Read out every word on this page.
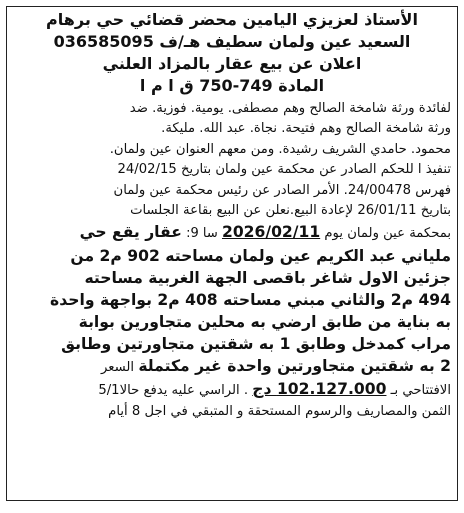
الأستاذ لعزيزي اليامين محضر قضائي حي برهام
السعيد عين ولمان سطيف هـ/ف 036585095
اعلان عن بيع عقار بالمزاد العلني
المادة 749-750 ق ا م ا
لفائدة ورثة شامخة الصالح وهم مصطفى. يومية. فوزية. ضد
ورثة شامخة الصالح وهم فتيحة. نجاة. عبد الله. مليكة.
محمود. حامدي الشريف رشيدة. ومن معهم العنوان عين ولمان.
تنفيذ ا للحكم الصادر عن محكمة عين ولمان بتاريخ 24/02/15
فهرس 24/00478. الأمر الصادر عن رئيس محكمة عين ولمان
بتاريخ 26/01/11 لإعادة البيع.نعلن عن البيع بقاعة الجلسات
بمحكمة عين ولمان يوم 2026/02/11 سا 9: عقار يقع حي
ملياني عبد الكريم عين ولمان مساحته 902 م2 من
جزئين الاول شاغر باقصى الجهة الغربية مساحته
494 م2 والثاني مبني مساحته 408 م2 بواجهة واحدة
به بناية من طابق ارضي به محلين متجاورين بوابة
مراب كمدخل وطابق 1 به شقتين متجاورتين وطابق
2 به شقتين متجاورتين واحدة غير مكتملة السعر
الافتتاحي بـ 102.127.000 دج . الراسي عليه يدفع حالا5/1
الثمن والمصاريف والرسوم المستحقة و المتبقي في اجل 8 أيام
